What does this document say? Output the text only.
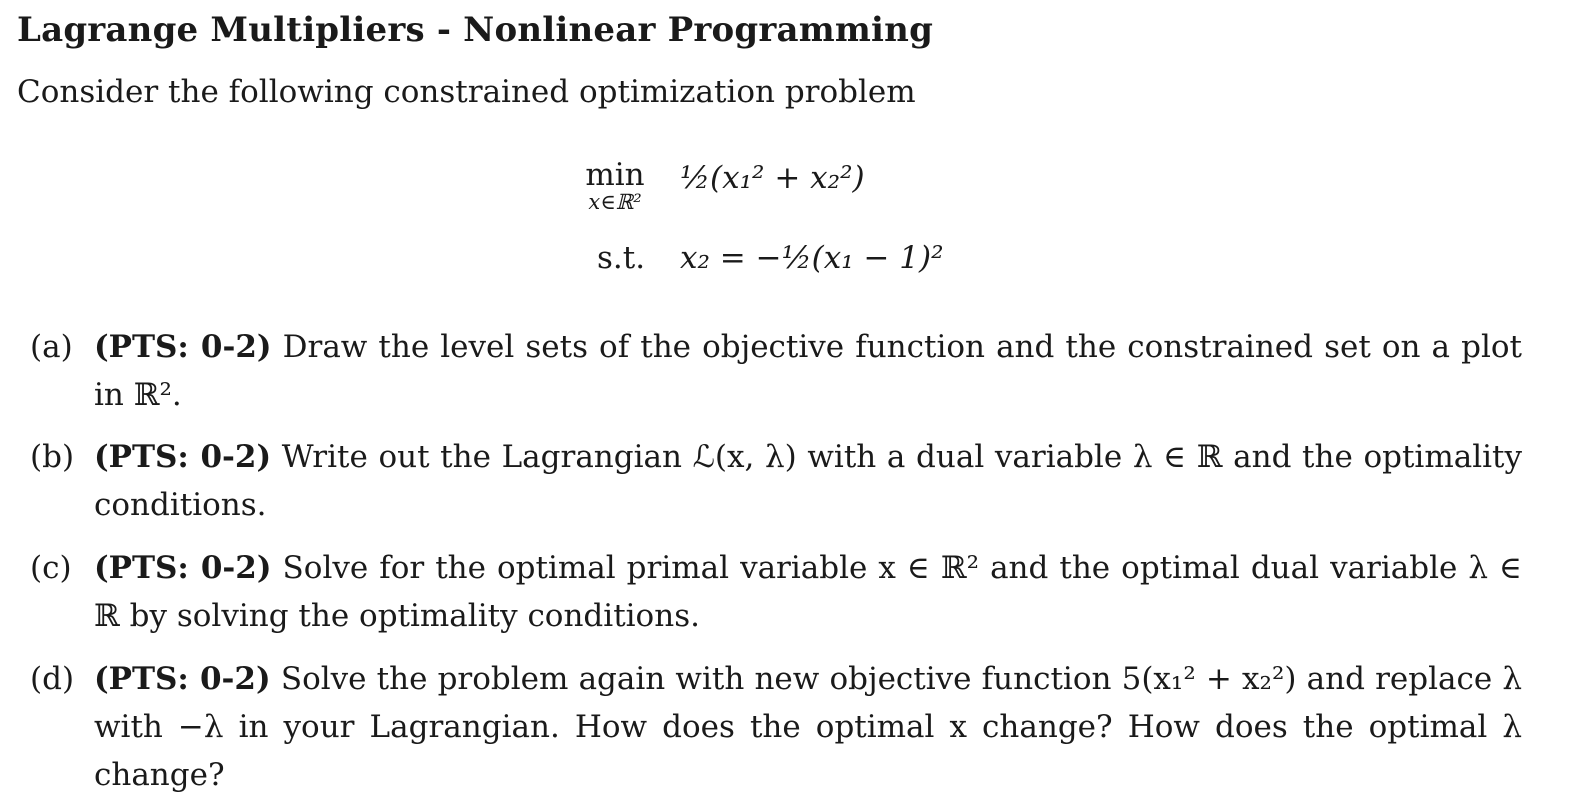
Lagrange Multipliers - Nonlinear Programming
Consider the following constrained optimization problem
min
x∈ℝ²
½(x₁² + x₂²)
s.t. x₂ = −½(x₁ − 1)²
(a) (PTS: 0-2) Draw the level sets of the objective function and the constrained set on a plot in ℝ².
(b) (PTS: 0-2) Write out the Lagrangian ℒ(x, λ) with a dual variable λ ∈ ℝ and the optimality conditions.
(c) (PTS: 0-2) Solve for the optimal primal variable x ∈ ℝ² and the optimal dual variable λ ∈ ℝ by solving the optimality conditions.
(d) (PTS: 0-2) Solve the problem again with new objective function 5(x₁² + x₂²) and replace λ with −λ in your Lagrangian. How does the optimal x change? How does the optimal λ change?
